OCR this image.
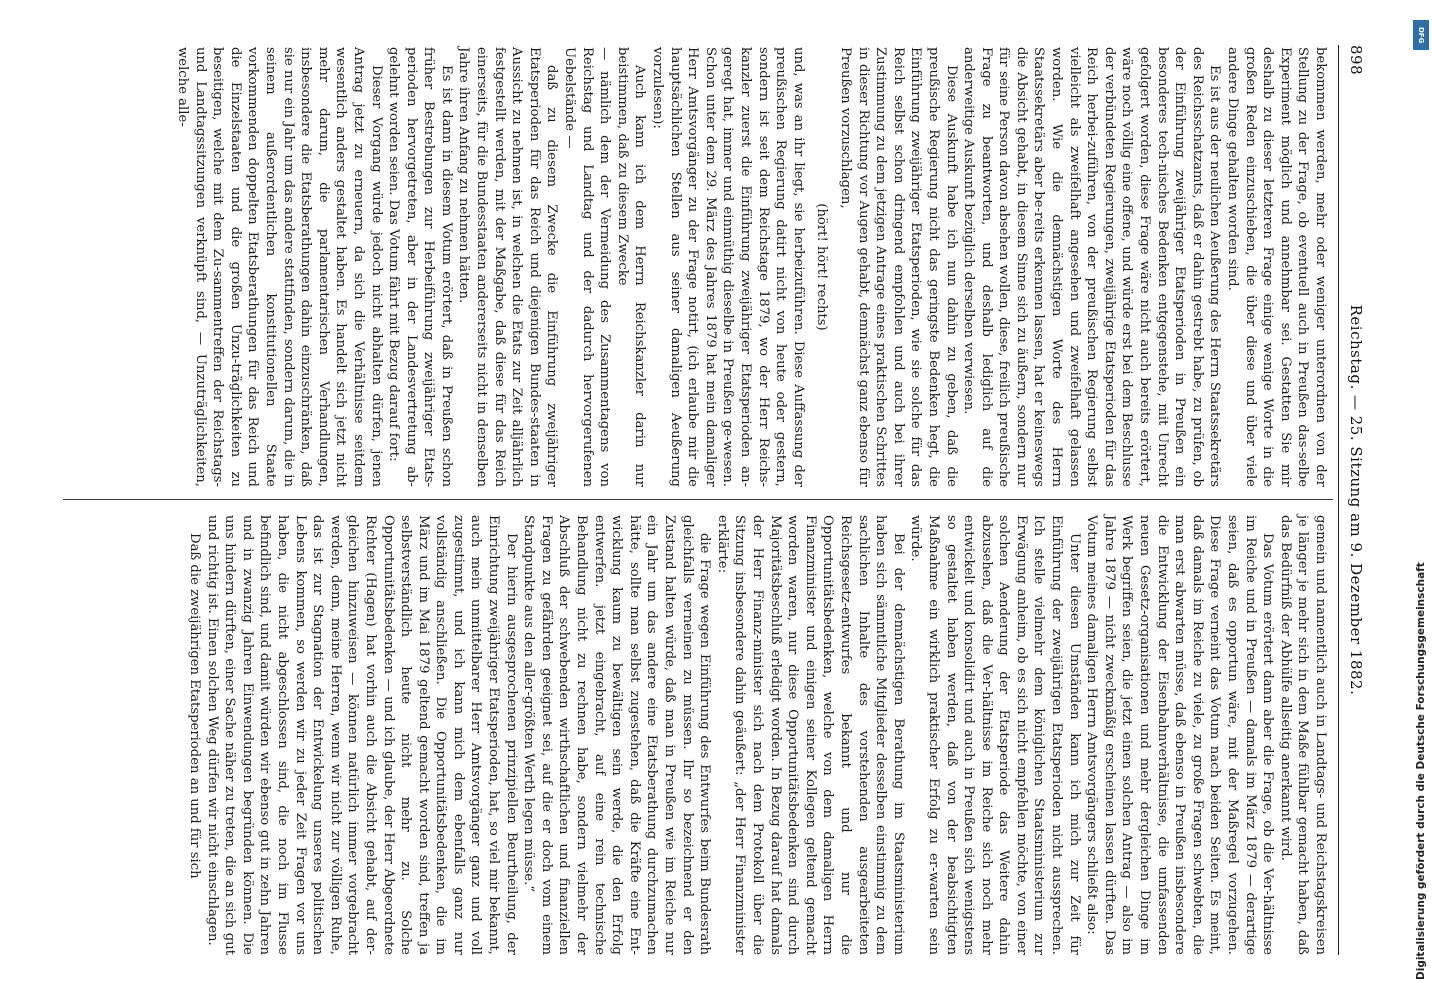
898
Reichstag. — 25. Sitzung am 9. Dezember 1882.

bekommen werden, mehr oder weniger unterordnen von der Stellung zu der Frage, ob eventuell auch in Preußen das-selbe Experiment möglich und annehmbar sei. Gestatten Sie mir deshalb zu dieser letzteren Frage einige wenige Worte in die großen Reden einzuschieben, die über diese und über viele andere Dinge gehalten worden sind.

Es ist aus der neulichen Aeußerung des Herrn Staatssekretärs des Reichsschatzamts, daß er dahin gestrebt habe, zu prüfen, ob der Einführung zweijähriger Etatsperioden in Preußen ein besonderes tech-nisches Bedenken entgegenstehe, mit Unrecht gefolgert worden, diese Frage wäre nicht auch bereits erörtert, wäre noch völlig eine offene, und würde erst bei dem Beschlusse der verbündeten Regierungen, zweijährige Etatsperioden für das Reich herbei-zuführen, von der preußischen Regierung selbst vielleicht als zweifelhaft angesehen und zweifelhaft gelassen worden. Wie die demnächstigen Worte des Herrn Staatssekretärs aber be-reits erkennen lassen, hat er keineswegs die Absicht gehabt, in diesem Sinne sich zu äußern, sondern nur für seine Person davon absehen wollen, diese, freilich preußische Frage zu beantworten, und deshalb lediglich auf die anderweitige Auskunft bezüglich derselben verwiesen.

Diese Auskunft habe ich nun dahin zu geben, daß die preußische Regierung nicht das geringste Bedenken hegt, die Einführung zweijähriger Etatsperioden, wie sie solche für das Reich selbst schon dringend empfohlen und auch bei ihrer Zustimmung zu dem jetzigen Antrage eines praktischen Schrittes in dieser Richtung vor Augen gehabt, demnächst ganz ebenso für Preußen vorzuschlagen,

(hört! hört! rechts)

und, was an ihr liegt, sie herbeizuführen. Diese Auffassung der preußischen Regierung datirt nicht von heute oder gestern, sondern ist seit dem Reichstage 1879, wo der Herr Reichs-kanzler zuerst die Einführung zweijähriger Etatsperioden an-geregt hat, immer und einmüthig dieselbe in Preußen ge-wesen. Schon unter dem 29. März des Jahres 1879 hat mein damaliger Herr Amtsvorgänger zu der Frage notirt, (ich erlaube mir die hauptsächlichen Stellen aus seiner damaligen Aeußerung vorzulesen):

Auch kann ich dem Herrn Reichskanzler darin nur beistimmen, daß zu diesem Zwecke

— nämlich dem der Vermeidung des Zusammentagens von Reichstag und Landtag und der dadurch hervorgerufenen Uebelstände —

daß zu diesem Zwecke die Einführung zweijähriger Etatsperioden für das Reich und diejenigen Bundes-staaten in Aussicht zu nehmen ist, in welchen die Etats zur Zeit alljährlich festgestellt werden, mit der Maßgabe, daß diese für das Reich einerseits, für die Bundesstaaten andererseits nicht in denselben Jahre ihren Anfang zu nehmen hätten.

Es ist dann in diesem Votum erörtert, daß in Preußen schon früher Bestrebungen zur Herbeiführung zweijähriger Etats-perioden hervorgetreten, aber in der Landesvertretung ab-gelehnt worden seien. Das Votum fährt mit Bezug darauf fort:

Dieser Vorgang würde jedoch nicht abhalten dürfen, jenen Antrag jetzt zu erneuern, da sich die Verhältnisse seitdem wesentlich anders gestaltet haben. Es handelt sich jetzt nicht mehr darum, die parlamentarischen Verhandlungen, insbesondere die Etatsberathungen dahin einzuschränken, daß sie nur ein Jahr um das andere stattfinden, sondern darum, die in seinem außerordentlichen konstitutionellen Staate vorkommenden doppelten Etatsberathungen für das Reich und die Einzelstaaten und die großen Unzu-träglichkeiten zu beseitigen, welche mit dem Zu-sammentreffen der Reichstags- und Landtagssitzungen verknüpft sind, — Unzuträglichkeiten, welche alle-

gemein und namentlich auch in Landtags- und Reichstagskreisen je länger je mehr sich in dem Maße fühlbar gemacht haben, daß das Bedürfniß der Abhülfe allseitig anerkannt wird.

Das Votum erörtert dann aber die Frage, ob die Ver-hältnisse im Reiche und in Preußen — damals im März 1879 — derartige seien, daß es opportun wäre, mit der Maßregel vorzugehen. Diese Frage verneint das Votum nach beiden Seiten. Es meint, daß damals im Reiche zu viele, zu große Fragen schwebten, die man erst abwarten müsse, daß ebenso in Preußen insbesondere die Entwicklung der Eisenbahnverhältnisse, die umfassenden neuen Gesetz-organisationen und mehr dergleichen Dinge im Werk begriffen seien, die jetzt einen solchen Antrag — also im Jahre 1879 — nicht zweckmäßig erscheinen lassen dürften. Das Votum meines damaligen Herrn Amtsvorgängers schließt also:

Unter diesen Umständen kann ich mich zur Zeit für Einführung der zweijährigen Etatsperioden nicht aussprechen. Ich stelle vielmehr dem königlichen Staatsministerium zur Erwägung anheim, ob es sich nicht empfehlen möchte, von einer solchen Aenderung der Etatsperiode das Weitere dahin abzusehen, daß die Ver-hältnisse im Reiche sich noch mehr entwickelt und konsolidirt und auch in Preußen sich wenigstens so gestaltet haben werden, daß von der beabsichtigten Maßnahme ein wirklich praktischer Erfolg zu er-warten sein würde.

Bei der demnächstigen Berathung im Staatsministerium haben sich sämmtliche Mitglieder desselben einstimmig zu dem sachlichen Inhalte des vorstehenden ausgearbeiteten Reichsgesetz-entwurfes bekannt und nur die Opportunitätsbedenken, welche von dem damaligen Herrn Finanzminister und einigen seiner Kollegen geltend gemacht worden waren, nur diese Opportunitätsbedenken sind durch Majoritätsbeschluß erledigt worden. In Bezug darauf hat damals der Herr Finanz-minister sich nach dem Protokoll über die Sitzung insbesondere dahin geäußert: „der Herr Finanzminister erklärte:

die Frage wegen Einführung des Entwurfes beim Bundesrath gleichfalls verneinen zu müssen. Ihr so bezeichnend er den Zustand halten würde, daß man in Preußen wie im Reiche nur ein Jahr um das andere eine Etatsberathung durchzumachen hätte, sollte man selbst zugestehen, daß die Kräfte eine Ent-wicklung kaum zu bewältigen sein werde, die den Erfolg entwerfen. jetzt eingebracht, auf eine rein technische Behandlung nicht zu rechnen habe, sondern vielmehr der Abschluß der schwebenden wirthschaftlichen und finanziellen Fragen zu gefährden geeignet sei, auf die er doch vom einem Standpunkte aus den aller-größten Werth legen müsse.“

Der hierin ausgesprochenen prinzipiellen Beurtheilung, der Einrichtung zweijähriger Etatsperioden, hat, so viel mir bekannt, auch mein unmittelbarer Herr Amtsvorgänger ganz und voll zugestimmt, und ich kann mich dem ebenfalls ganz nur vollständig anschließen. Die Opportunitätsbedenken, die im März und im Mai 1879 geltend gemacht worden sind, treffen ja selbstverständlich heute nicht mehr zu. Solche Opportunitätsbedenken — und ich glaube, der Herr Abgeordnete Richter (Hagen) hat vorhin auch die Absicht gehabt, auf der-gleichen hinzuweisen — können natürlich immer vorgebracht werden, denn, meine Herren, wenn wir nicht zur völligen Ruhe, das ist zur Stagnation der Entwickelung unseres politischen Lebens kommen, so werden wir zu jeder Zeit Fragen vor uns haben, die nicht abgeschlossen sind, die noch im Flusse befindlich sind, und damit würden wir ebenso gut in zehn Jahren und in zwanzig Jahren Einwendungen begründen können. Die uns hindern dürften, einer Sache näher zu treten, die an sich gut und richtig ist. Einen solchen Weg dürfen wir nicht einschlagen.

Daß die zweijährigen Etatsperioden an und für sich

DFG
Digitalisierung gefördert durch die Deutsche Forschungsgemeinschaft
